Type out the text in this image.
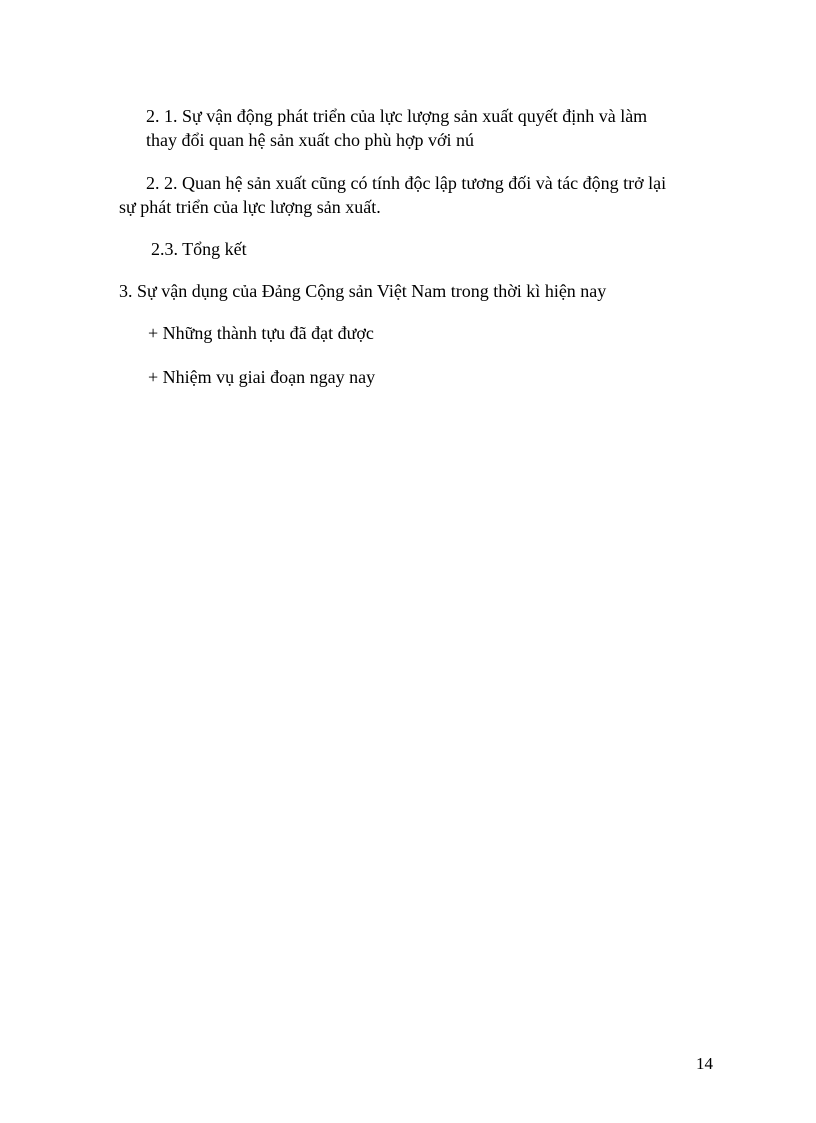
2. 1. Sự vận động phát triển của lực lượng sản xuất quyết định và làm
thay đổi quan hệ sản xuất cho phù hợp với nú
2. 2. Quan hệ sản xuất cũng có tính độc lập tương đối và tác động trở lại
sự phát triển của lực lượng sản xuất.
2.3. Tổng kết
3. Sự vận dụng của Đảng Cộng sản Việt Nam trong thời kì hiện nay
+ Những thành tựu đã đạt được
+ Nhiệm vụ giai đoạn ngay nay
14
